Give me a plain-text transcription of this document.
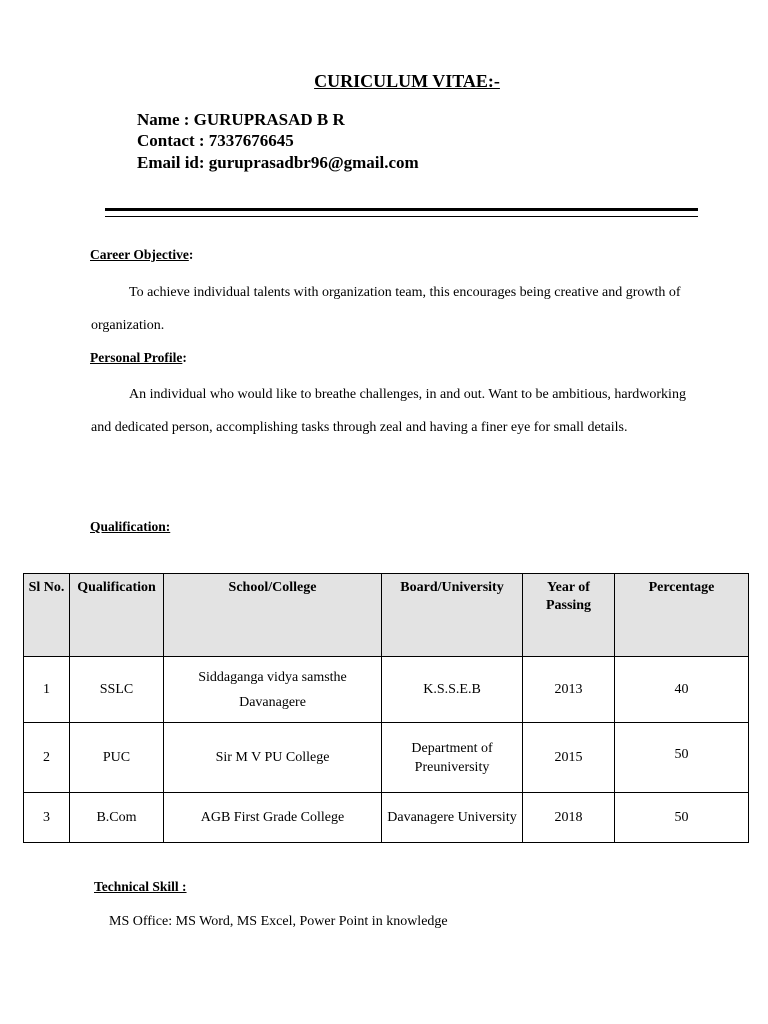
CURICULUM VITAE:-
Name : GURUPRASAD B R
Contact : 7337676645
Email id: guruprasadbr96@gmail.com
Career Objective:
To achieve individual talents with organization team, this encourages being creative and growth of organization.
Personal Profile:
An individual who would like to breathe challenges, in and out. Want to be ambitious, hardworking and dedicated person, accomplishing tasks through zeal and having a finer eye for small details.
Qualification:
Sl No.	Qualification	School/College	Board/University	Year of Passing	Percentage
1	SSLC	Siddaganga vidya samsthe Davanagere	K.S.S.E.B	2013	40
2	PUC	Sir M V PU College	Department of Preuniversity	2015	50
3	B.Com	AGB First Grade College	Davanagere University	2018	50
Technical Skill :
MS Office: MS Word, MS Excel, Power Point in knowledge
